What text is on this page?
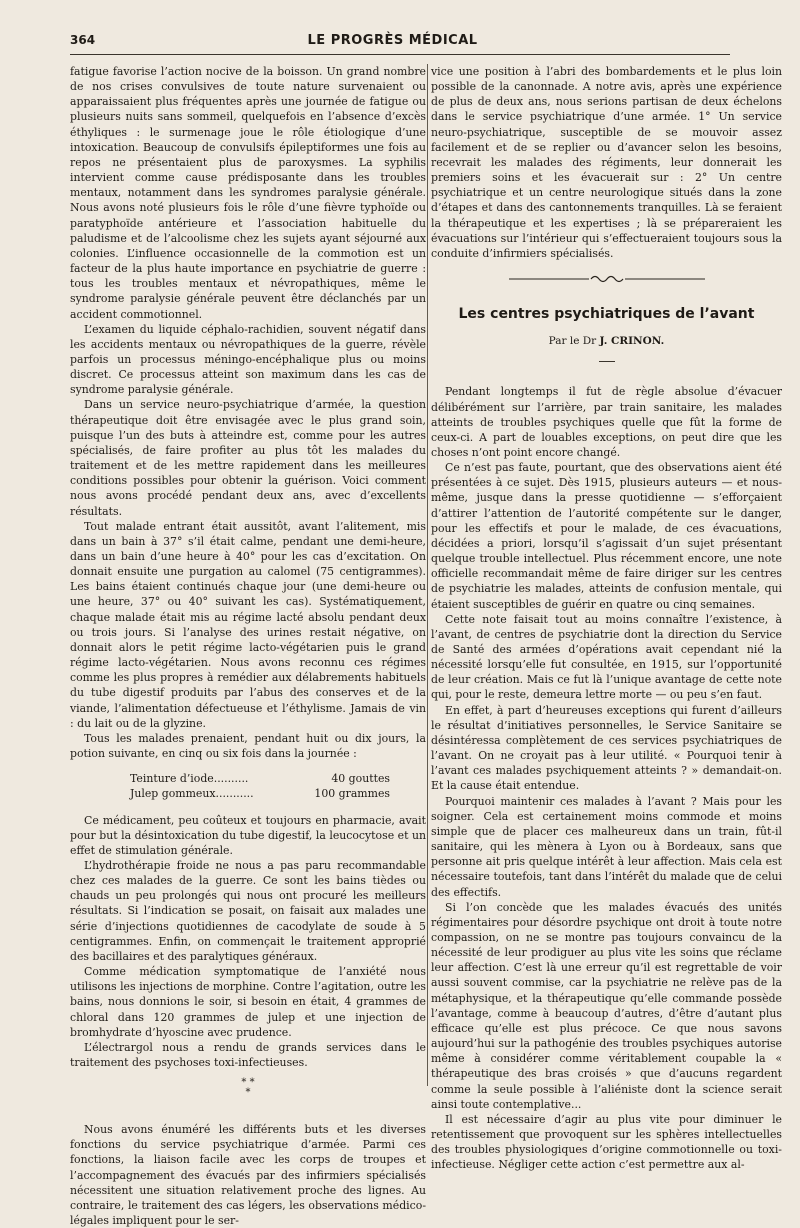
364	LE PROGRÈS MÉDICAL

fatigue favorise l’action nocive de la boisson. Un grand nombre de nos crises convulsives de toute nature survenaient ou apparaissaient plus fréquentes après une journée de fatigue ou plusieurs nuits sans sommeil, quelquefois en l’absence d’excès éthyliques : le surmenage joue le rôle étiologique d’une intoxication. Beaucoup de convulsifs épileptiformes une fois au repos ne présentaient plus de paroxysmes. La syphilis intervient comme cause prédisposante dans les troubles mentaux, notamment dans les syndromes paralysie générale. Nous avons noté plusieurs fois le rôle d’une fièvre typhoïde ou paratyphoïde antérieure et l’association habituelle du paludisme et de l’alcoolisme chez les sujets ayant séjourné aux colonies. L’influence occasionnelle de la commotion est un facteur de la plus haute importance en psychiatrie de guerre : tous les troubles mentaux et névropathiques, même le syndrome paralysie générale peuvent être déclanchés par un accident commotionnel.

L’examen du liquide céphalo-rachidien, souvent négatif dans les accidents mentaux ou névropathiques de la guerre, révèle parfois un processus méningo-encéphalique plus ou moins discret. Ce processus atteint son maximum dans les cas de syndrome paralysie générale.

Dans un service neuro-psychiatrique d’armée, la question thérapeutique doit être envisagée avec le plus grand soin, puisque l’un des buts à atteindre est, comme pour les autres spécialisés, de faire profiter au plus tôt les malades du traitement et de les mettre rapidement dans les meilleures conditions possibles pour obtenir la guérison. Voici comment nous avons procédé pendant deux ans, avec d’excellents résultats.

Tout malade entrant était aussitôt, avant l’alitement, mis dans un bain à 37° s’il était calme, pendant une demi-heure, dans un bain d’une heure à 40° pour les cas d’excitation. On donnait ensuite une purgation au calomel (75 centigrammes). Les bains étaient continués chaque jour (une demi-heure ou une heure, 37° ou 40° suivant les cas). Systématiquement, chaque malade était mis au régime lacté absolu pendant deux ou trois jours. Si l’analyse des urines restait négative, on donnait alors le petit régime lacto-végétarien puis le grand régime lacto-végétarien. Nous avons reconnu ces régimes comme les plus propres à remédier aux délabrements habituels du tube digestif produits par l’abus des conserves et de la viande, l’alimentation défectueuse et l’éthylisme. Jamais de vin : du lait ou de la glyzine.

Tous les malades prenaient, pendant huit ou dix jours, la potion suivante, en cinq ou six fois dans la journée :

Teinture d’iode..........	40 gouttes
Julep gommeux...........	100 grammes

Ce médicament, peu coûteux et toujours en pharmacie, avait pour but la désintoxication du tube digestif, la leucocytose et un effet de stimulation générale.

L’hydrothérapie froide ne nous a pas paru recommandable chez ces malades de la guerre. Ce sont les bains tièdes ou chauds un peu prolongés qui nous ont procuré les meilleurs résultats. Si l’indication se posait, on faisait aux malades une série d’injections quotidiennes de cacodylate de soude à 5 centigrammes. Enfin, on commençait le traitement approprié des bacillaires et des paralytiques généraux.

Comme médication symptomatique de l’anxiété nous utilisons les injections de morphine. Contre l’agitation, outre les bains, nous donnions le soir, si besoin en était, 4 grammes de chloral dans 120 grammes de julep et une injection de bromhydrate d’hyoscine avec prudence.

L’électrargol nous a rendu de grands services dans le traitement des psychoses toxi-infectieuses.

* *
*

Nous avons énuméré les différents buts et les diverses fonctions du service psychiatrique d’armée. Parmi ces fonctions, la liaison facile avec les corps de troupes et l’accompagnement des évacués par des infirmiers spécialisés nécessitent une situation relativement proche des lignes. Au contraire, le traitement des cas légers, les observations médico-légales impliquent pour le ser-

vice une position à l’abri des bombardements et le plus loin possible de la canonnade. A notre avis, après une expérience de plus de deux ans, nous serions partisan de deux échelons dans le service psychiatrique d’une armée. 1° Un service neuro-psychiatrique, susceptible de se mouvoir assez facilement et de se replier ou d’avancer selon les besoins, recevrait les malades des régiments, leur donnerait les premiers soins et les évacuerait sur : 2° Un centre psychiatrique et un centre neurologique situés dans la zone d’étapes et dans des cantonnements tranquilles. Là se feraient la thérapeutique et les expertises ; là se prépareraient les évacuations sur l’intérieur qui s’effectueraient toujours sous la conduite d’infirmiers spécialisés.

Les centres psychiatriques de l’avant
Par le Dr J. CRINON.

Pendant longtemps il fut de règle absolue d’évacuer délibérément sur l’arrière, par train sanitaire, les malades atteints de troubles psychiques quelle que fût la forme de ceux-ci. A part de louables exceptions, on peut dire que les choses n’ont point encore changé.

Ce n’est pas faute, pourtant, que des observations aient été présentées à ce sujet. Dès 1915, plusieurs auteurs — et nous-même, jusque dans la presse quotidienne — s’efforçaient d’attirer l’attention de l’autorité compétente sur le danger, pour les effectifs et pour le malade, de ces évacuations, décidées a priori, lorsqu’il s’agissait d’un sujet présentant quelque trouble intellectuel. Plus récemment encore, une note officielle recommandait même de faire diriger sur les centres de psychiatrie les malades, atteints de confusion mentale, qui étaient susceptibles de guérir en quatre ou cinq semaines.

Cette note faisait tout au moins connaître l’existence, à l’avant, de centres de psychiatrie dont la direction du Service de Santé des armées d’opérations avait cependant nié la nécessité lorsqu’elle fut consultée, en 1915, sur l’opportunité de leur création. Mais ce fut là l’unique avantage de cette note qui, pour le reste, demeura lettre morte — ou peu s’en faut.

En effet, à part d’heureuses exceptions qui furent d’ailleurs le résultat d’initiatives personnelles, le Service Sanitaire se désintéressa complètement de ces services psychiatriques de l’avant. On ne croyait pas à leur utilité. « Pourquoi tenir à l’avant ces malades psychiquement atteints ? » demandait-on. Et la cause était entendue.

Pourquoi maintenir ces malades à l’avant ? Mais pour les soigner. Cela est certainement moins commode et moins simple que de placer ces malheureux dans un train, fût-il sanitaire, qui les mènera à Lyon ou à Bordeaux, sans que personne ait pris quelque intérêt à leur affection. Mais cela est nécessaire toutefois, tant dans l’intérêt du malade que de celui des effectifs.

Si l’on concède que les malades évacués des unités régimentaires pour désordre psychique ont droit à toute notre compassion, on ne se montre pas toujours convaincu de la nécessité de leur prodiguer au plus vite les soins que réclame leur affection. C’est là une erreur qu’il est regrettable de voir aussi souvent commise, car la psychiatrie ne relève pas de la métaphysique, et la thérapeutique qu’elle commande possède l’avantage, comme à beaucoup d’autres, d’être d’autant plus efficace qu’elle est plus précoce. Ce que nous savons aujourd’hui sur la pathogénie des troubles psychiques autorise même à considérer comme véritablement coupable la « thérapeutique des bras croisés » que d’aucuns regardent comme la seule possible à l’aliéniste dont la science serait ainsi toute contemplative...

Il est nécessaire d’agir au plus vite pour diminuer le retentissement que provoquent sur les sphères intellectuelles des troubles physiologiques d’origine commotionnelle ou toxi-infectieuse. Négliger cette action c’est permettre aux al-
